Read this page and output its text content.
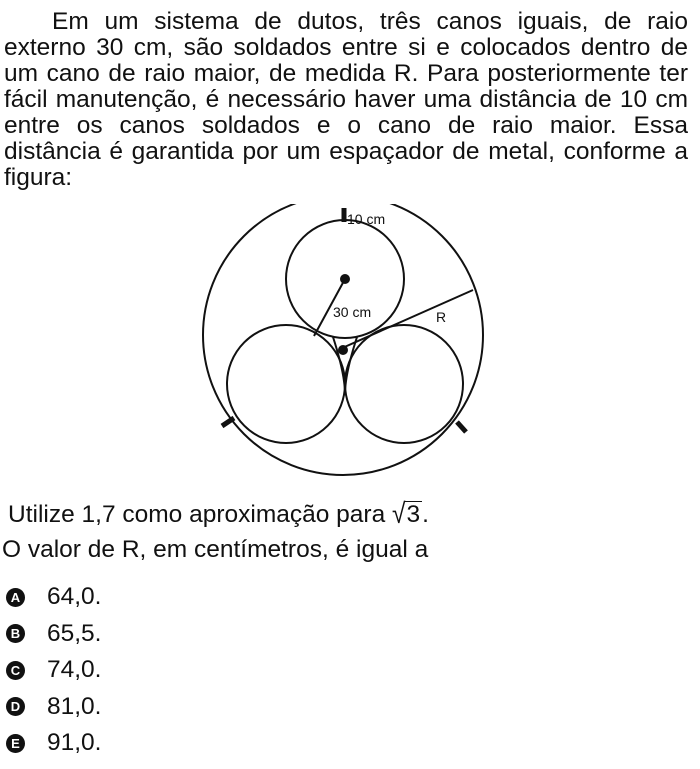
Em um sistema de dutos, três canos iguais, de raio externo 30 cm, são soldados entre si e colocados dentro de um cano de raio maior, de medida R. Para posteriormente ter fácil manutenção, é necessário haver uma distância de 10 cm entre os canos soldados e o cano de raio maior. Essa distância é garantida por um espaçador de metal, conforme a figura:

10 cm
30 cm	R
Utilize 1,7 como aproximação para √3.
O valor de R, em centímetros, é igual a
A 64,0.
B 65,5.
C 74,0.
D 81,0.
E 91,0.
